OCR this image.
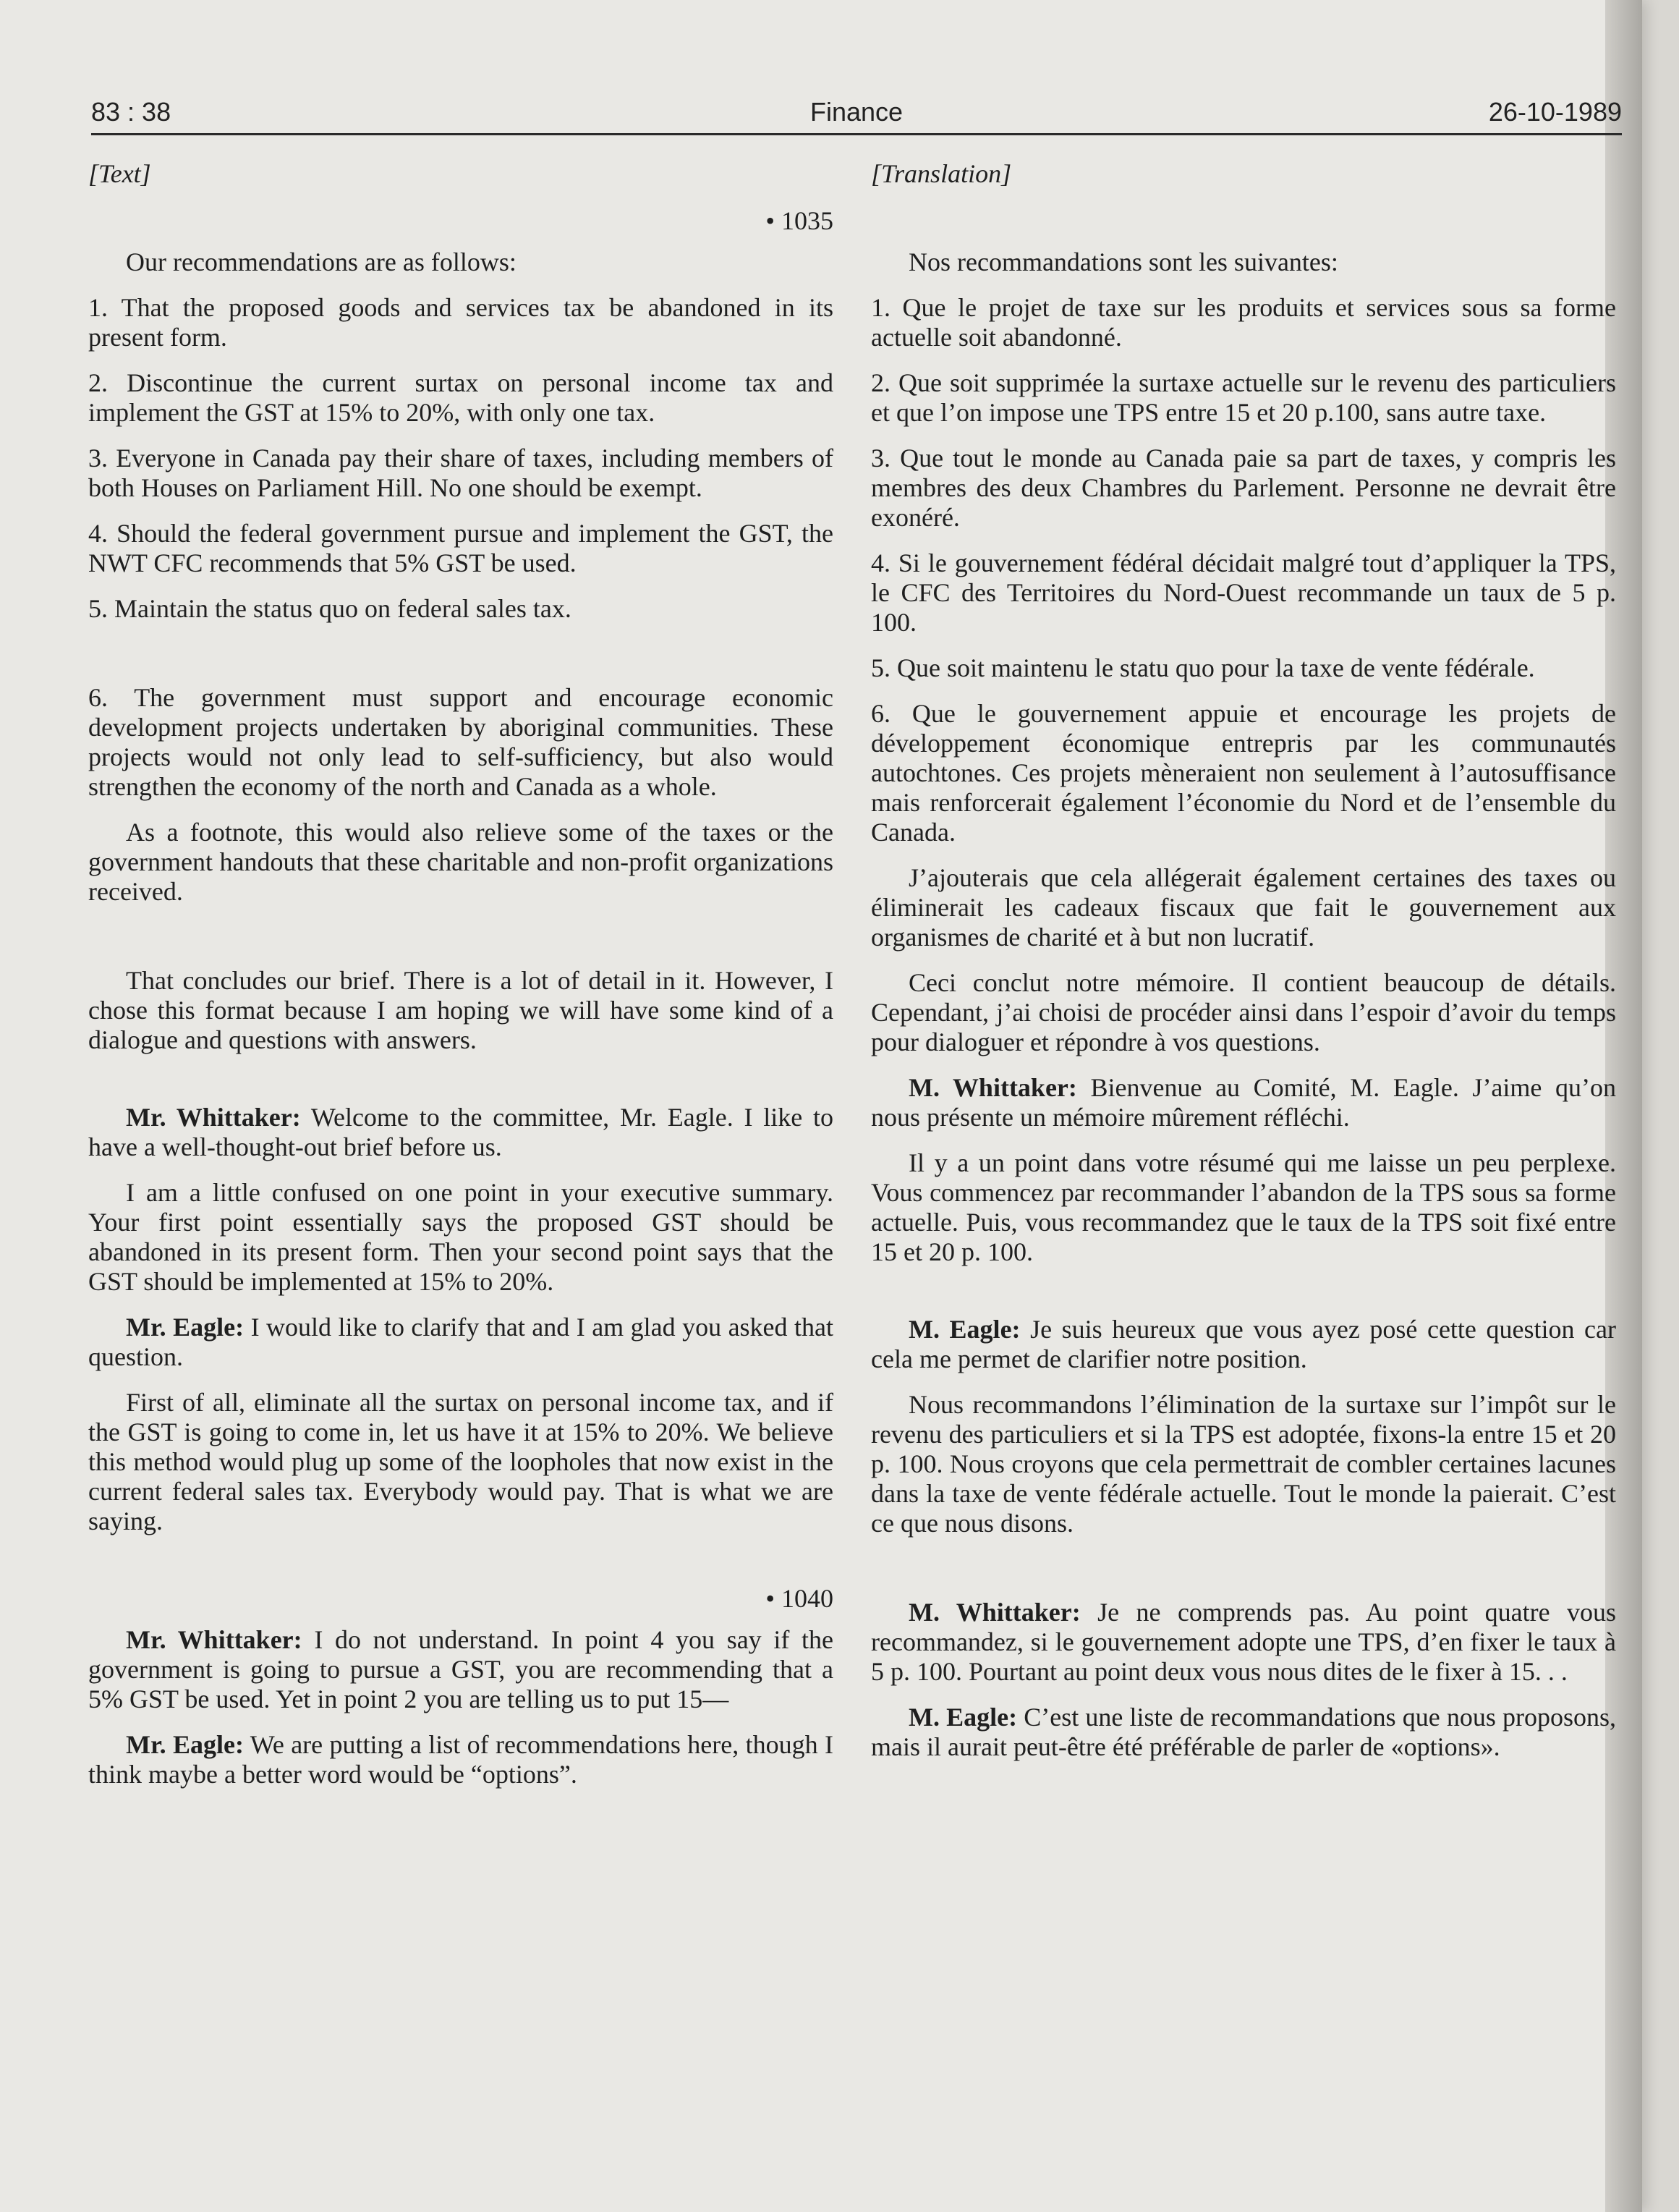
83 : 38	Finance	26-10-1989
[Text]
• 1035
Our recommendations are as follows:
1. That the proposed goods and services tax be abandoned in its present form.
2. Discontinue the current surtax on personal income tax and implement the GST at 15% to 20%, with only one tax.
3. Everyone in Canada pay their share of taxes, including members of both Houses on Parliament Hill. No one should be exempt.
4. Should the federal government pursue and implement the GST, the NWT CFC recommends that 5% GST be used.
5. Maintain the status quo on federal sales tax.
6. The government must support and encourage economic development projects undertaken by aboriginal communities. These projects would not only lead to self-sufficiency, but also would strengthen the economy of the north and Canada as a whole.
As a footnote, this would also relieve some of the taxes or the government handouts that these charitable and non-profit organizations received.
That concludes our brief. There is a lot of detail in it. However, I chose this format because I am hoping we will have some kind of a dialogue and questions with answers.
Mr. Whittaker: Welcome to the committee, Mr. Eagle. I like to have a well-thought-out brief before us.
I am a little confused on one point in your executive summary. Your first point essentially says the proposed GST should be abandoned in its present form. Then your second point says that the GST should be implemented at 15% to 20%.
Mr. Eagle: I would like to clarify that and I am glad you asked that question.
First of all, eliminate all the surtax on personal income tax, and if the GST is going to come in, let us have it at 15% to 20%. We believe this method would plug up some of the loopholes that now exist in the current federal sales tax. Everybody would pay. That is what we are saying.
• 1040
Mr. Whittaker: I do not understand. In point 4 you say if the government is going to pursue a GST, you are recommending that a 5% GST be used. Yet in point 2 you are telling us to put 15—
Mr. Eagle: We are putting a list of recommendations here, though I think maybe a better word would be “options”.
[Translation]
Nos recommandations sont les suivantes:
1. Que le projet de taxe sur les produits et services sous sa forme actuelle soit abandonné.
2. Que soit supprimée la surtaxe actuelle sur le revenu des particuliers et que l’on impose une TPS entre 15 et 20 p.100, sans autre taxe.
3. Que tout le monde au Canada paie sa part de taxes, y compris les membres des deux Chambres du Parlement. Personne ne devrait être exonéré.
4. Si le gouvernement fédéral décidait malgré tout d’appliquer la TPS, le CFC des Territoires du Nord-Ouest recommande un taux de 5 p. 100.
5. Que soit maintenu le statu quo pour la taxe de vente fédérale.
6. Que le gouvernement appuie et encourage les projets de développement économique entrepris par les communautés autochtones. Ces projets mèneraient non seulement à l’autosuffisance mais renforcerait également l’économie du Nord et de l’ensemble du Canada.
J’ajouterais que cela allégerait également certaines des taxes ou éliminerait les cadeaux fiscaux que fait le gouvernement aux organismes de charité et à but non lucratif.
Ceci conclut notre mémoire. Il contient beaucoup de détails. Cependant, j’ai choisi de procéder ainsi dans l’espoir d’avoir du temps pour dialoguer et répondre à vos questions.
M. Whittaker: Bienvenue au Comité, M. Eagle. J’aime qu’on nous présente un mémoire mûrement réfléchi.
Il y a un point dans votre résumé qui me laisse un peu perplexe. Vous commencez par recommander l’abandon de la TPS sous sa forme actuelle. Puis, vous recommandez que le taux de la TPS soit fixé entre 15 et 20 p. 100.
M. Eagle: Je suis heureux que vous ayez posé cette question car cela me permet de clarifier notre position.
Nous recommandons l’élimination de la surtaxe sur l’impôt sur le revenu des particuliers et si la TPS est adoptée, fixons-la entre 15 et 20 p. 100. Nous croyons que cela permettrait de combler certaines lacunes dans la taxe de vente fédérale actuelle. Tout le monde la paierait. C’est ce que nous disons.
M. Whittaker: Je ne comprends pas. Au point quatre vous recommandez, si le gouvernement adopte une TPS, d’en fixer le taux à 5 p. 100. Pourtant au point deux vous nous dites de le fixer à 15. . .
M. Eagle: C’est une liste de recommandations que nous proposons, mais il aurait peut-être été préférable de parler de «options».
